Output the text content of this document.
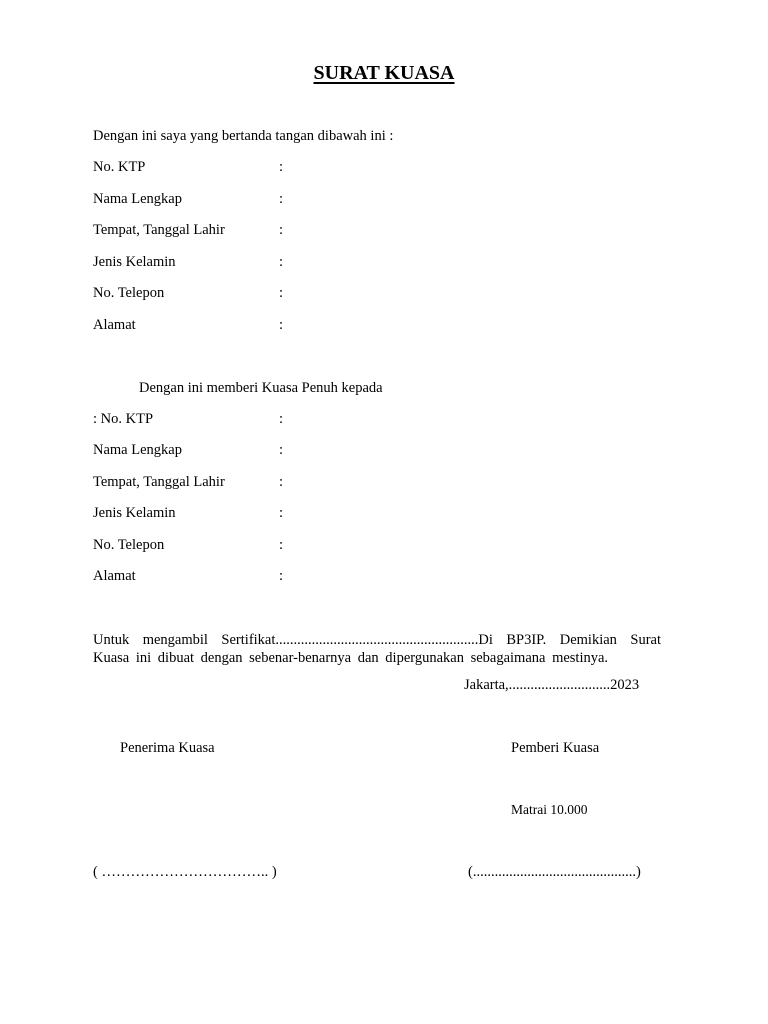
SURAT KUASA
Dengan ini saya yang bertanda tangan dibawah ini :
No. KTP	:
Nama Lengkap	:
Tempat, Tanggal Lahir	:
Jenis Kelamin	:
No. Telepon	:
Alamat	:
Dengan ini memberi Kuasa Penuh kepada
: No. KTP	:
Nama Lengkap	:
Tempat, Tanggal Lahir	:
Jenis Kelamin	:
No. Telepon	:
Alamat	:
Untuk mengambil Sertifikat........................................................Di BP3IP. Demikian Surat
Kuasa ini dibuat dengan sebenar-benarnya dan dipergunakan sebagaimana mestinya.
Jakarta,............................2023
Penerima Kuasa	Pemberi Kuasa
Matrai 10.000
( …………………………….. )	(.............................................)
